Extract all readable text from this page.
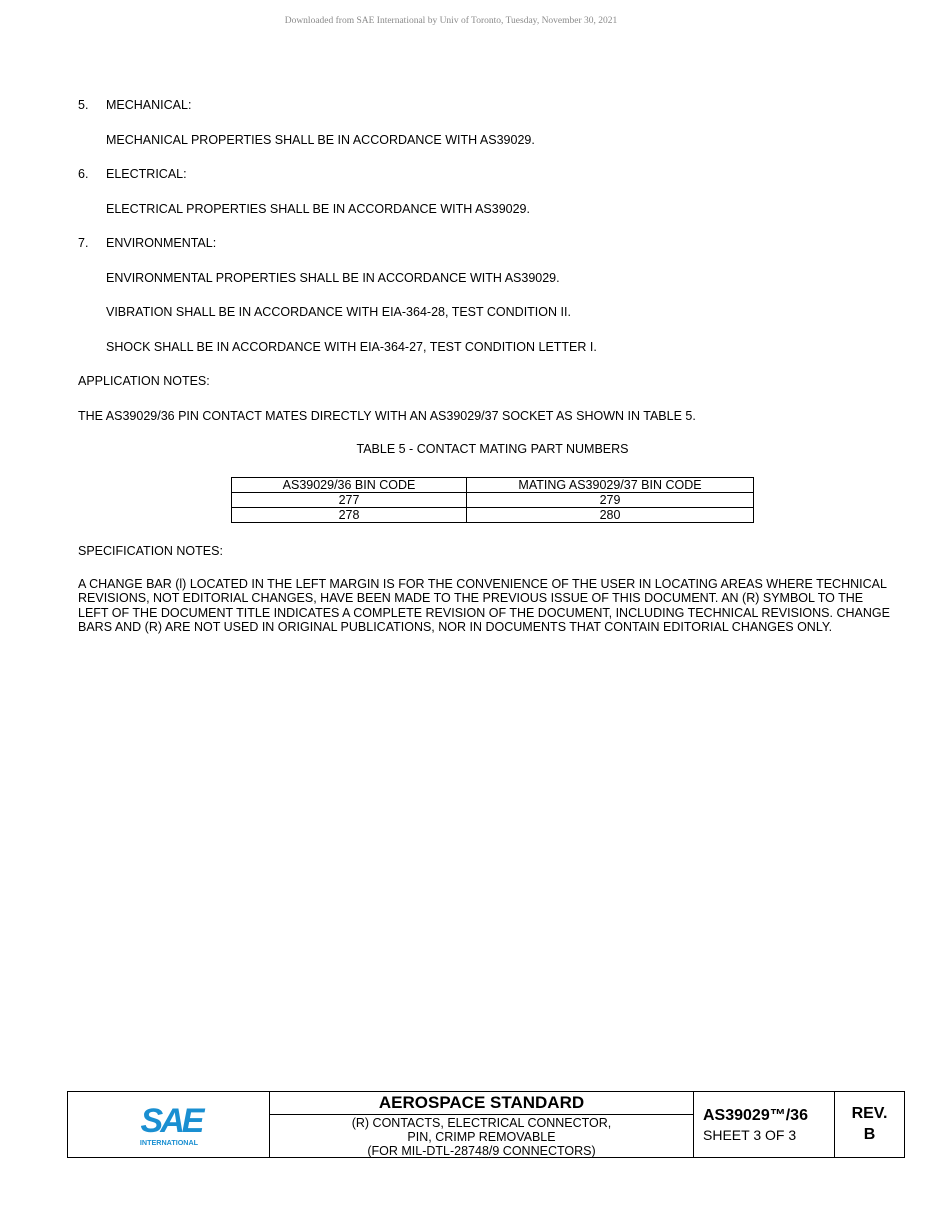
Downloaded from SAE International by Univ of Toronto, Tuesday, November 30, 2021
5. MECHANICAL:
MECHANICAL PROPERTIES SHALL BE IN ACCORDANCE WITH AS39029.
6. ELECTRICAL:
ELECTRICAL PROPERTIES SHALL BE IN ACCORDANCE WITH AS39029.
7. ENVIRONMENTAL:
ENVIRONMENTAL PROPERTIES SHALL BE IN ACCORDANCE WITH AS39029.
VIBRATION SHALL BE IN ACCORDANCE WITH EIA-364-28, TEST CONDITION II.
SHOCK SHALL BE IN ACCORDANCE WITH EIA-364-27, TEST CONDITION LETTER I.
APPLICATION NOTES:
THE AS39029/36 PIN CONTACT MATES DIRECTLY WITH AN AS39029/37 SOCKET AS SHOWN IN TABLE 5.
TABLE 5 - CONTACT MATING PART NUMBERS
AS39029/36 BIN CODE	MATING AS39029/37 BIN CODE
277	279
278	280
SPECIFICATION NOTES:
A CHANGE BAR (l) LOCATED IN THE LEFT MARGIN IS FOR THE CONVENIENCE OF THE USER IN LOCATING AREAS WHERE TECHNICAL REVISIONS, NOT EDITORIAL CHANGES, HAVE BEEN MADE TO THE PREVIOUS ISSUE OF THIS DOCUMENT. AN (R) SYMBOL TO THE LEFT OF THE DOCUMENT TITLE INDICATES A COMPLETE REVISION OF THE DOCUMENT, INCLUDING TECHNICAL REVISIONS. CHANGE BARS AND (R) ARE NOT USED IN ORIGINAL PUBLICATIONS, NOR IN DOCUMENTS THAT CONTAIN EDITORIAL CHANGES ONLY.
SAE
INTERNATIONAL
AEROSPACE STANDARD
(R) CONTACTS, ELECTRICAL CONNECTOR,
PIN, CRIMP REMOVABLE
(FOR MIL-DTL-28748/9 CONNECTORS)
AS39029™/36
SHEET 3 OF 3
REV.
B
